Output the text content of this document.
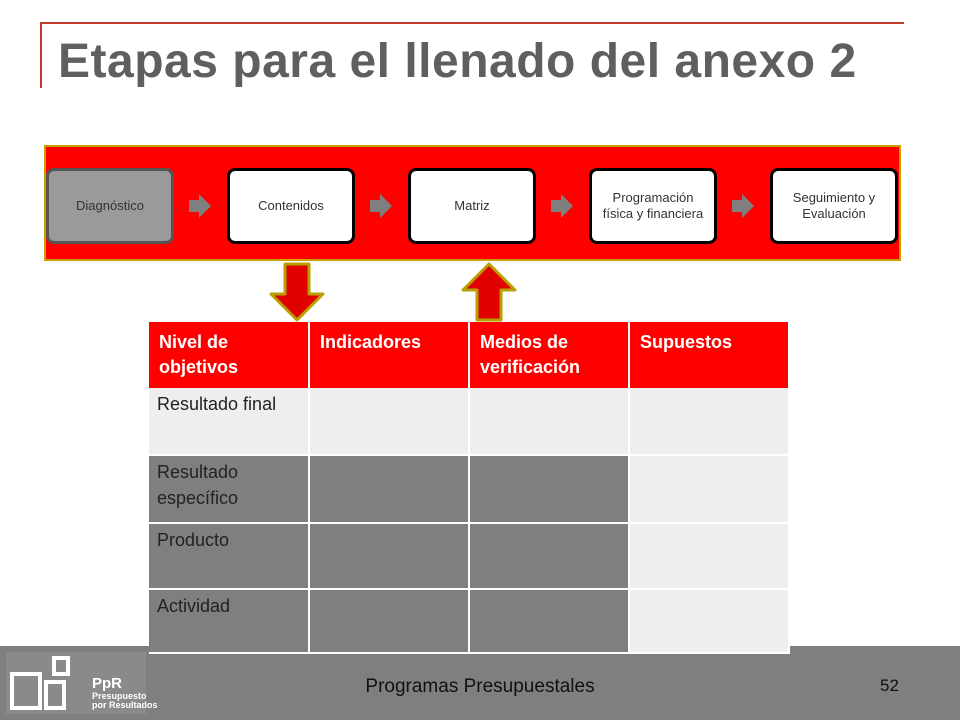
Etapas para el llenado del anexo 2
Diagnóstico	Contenidos	Matriz
Programación física y financiera
Seguimiento y Evaluación
PpR
Presupuesto
por Resultados
Nivel de objetivos	Indicadores	Medios de verificación	Supuestos
Resultado final			
Resultado específico			
Producto			
Actividad			
Programas Presupuestales	52
